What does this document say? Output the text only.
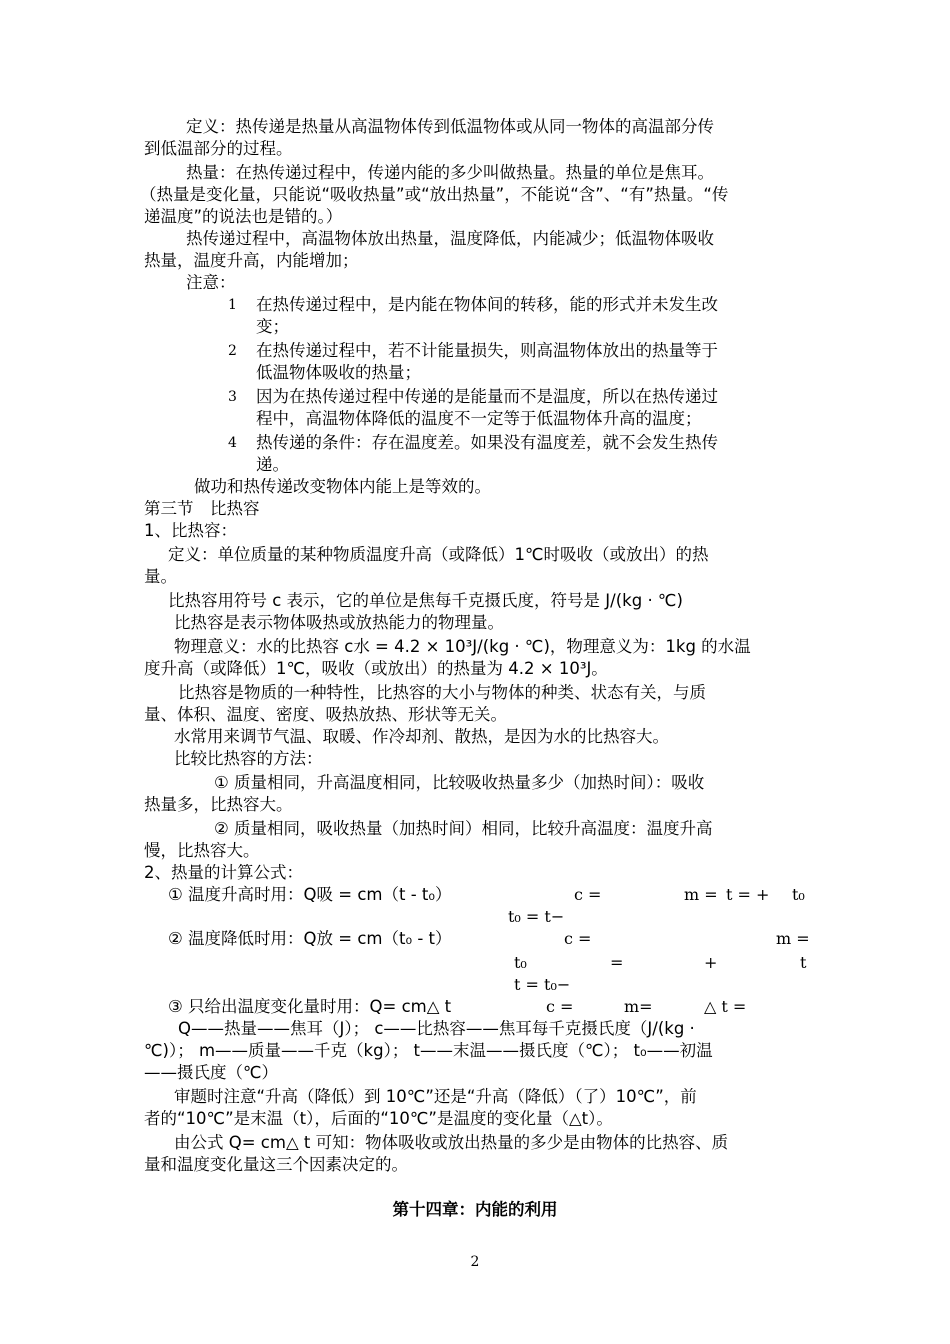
定义：热传递是热量从高温物体传到低温物体或从同一物体的高温部分传
到低温部分的过程。
热量：在热传递过程中，传递内能的多少叫做热量。热量的单位是焦耳。
（热量是变化量，只能说“吸收热量”或“放出热量”，不能说“含”、“有”热量。“传
递温度”的说法也是错的。）
热传递过程中，高温物体放出热量，温度降低，内能减少；低温物体吸收
热量，温度升高，内能增加；
注意：
1 在热传递过程中，是内能在物体间的转移，能的形式并未发生改
变；
2 在热传递过程中，若不计能量损失，则高温物体放出的热量等于
低温物体吸收的热量；
3 因为在热传递过程中传递的是能量而不是温度，所以在热传递过
程中，高温物体降低的温度不一定等于低温物体升高的温度；
4 热传递的条件：存在温度差。如果没有温度差，就不会发生热传
递。
做功和热传递改变物体内能上是等效的。
第三节　比热容
1、比热容：
定义：单位质量的某种物质温度升高（或降低）1℃时吸收（或放出）的热
量。
比热容用符号 c 表示，它的单位是焦每千克摄氏度，符号是 J/(kg · ℃)
比热容是表示物体吸热或放热能力的物理量。
物理意义：水的比热容 c水 = 4.2 × 10³J/(kg · ℃)，物理意义为：1kg 的水温
度升高（或降低）1℃，吸收（或放出）的热量为 4.2 × 10³J。
比热容是物质的一种特性，比热容的大小与物体的种类、状态有关，与质
量、体积、温度、密度、吸热放热、形状等无关。
水常用来调节气温、取暖、作冷却剂、散热，是因为水的比热容大。
比较比热容的方法：
① 质量相同，升高温度相同，比较吸收热量多少（加热时间）：吸收
热量多，比热容大。
② 质量相同，吸收热量（加热时间）相同，比较升高温度：温度升高
慢，比热容大。
2、热量的计算公式：
① 温度升高时用：Q吸 = cm（t - t₀）	c =	m = t = + t₀
t₀ = t−
② 温度降低时用：Q放 = cm（t₀ - t）	c =	m =
t₀	=	+	t
t = t₀−
③ 只给出温度变化量时用：Q= cm△ t	c =	m=	△ t =
Q——热量——焦耳（J）； c——比热容——焦耳每千克摄氏度（J/(kg ·
℃)）； m——质量——千克（kg）； t——末温——摄氏度（℃）； t₀——初温
——摄氏度（℃）
审题时注意“升高（降低）到 10℃”还是“升高（降低）（了）10℃”，前
者的“10℃”是末温（t），后面的“10℃”是温度的变化量（△t）。
由公式 Q= cm△ t 可知：物体吸收或放出热量的多少是由物体的比热容、质
量和温度变化量这三个因素决定的。
第十四章：内能的利用
2
